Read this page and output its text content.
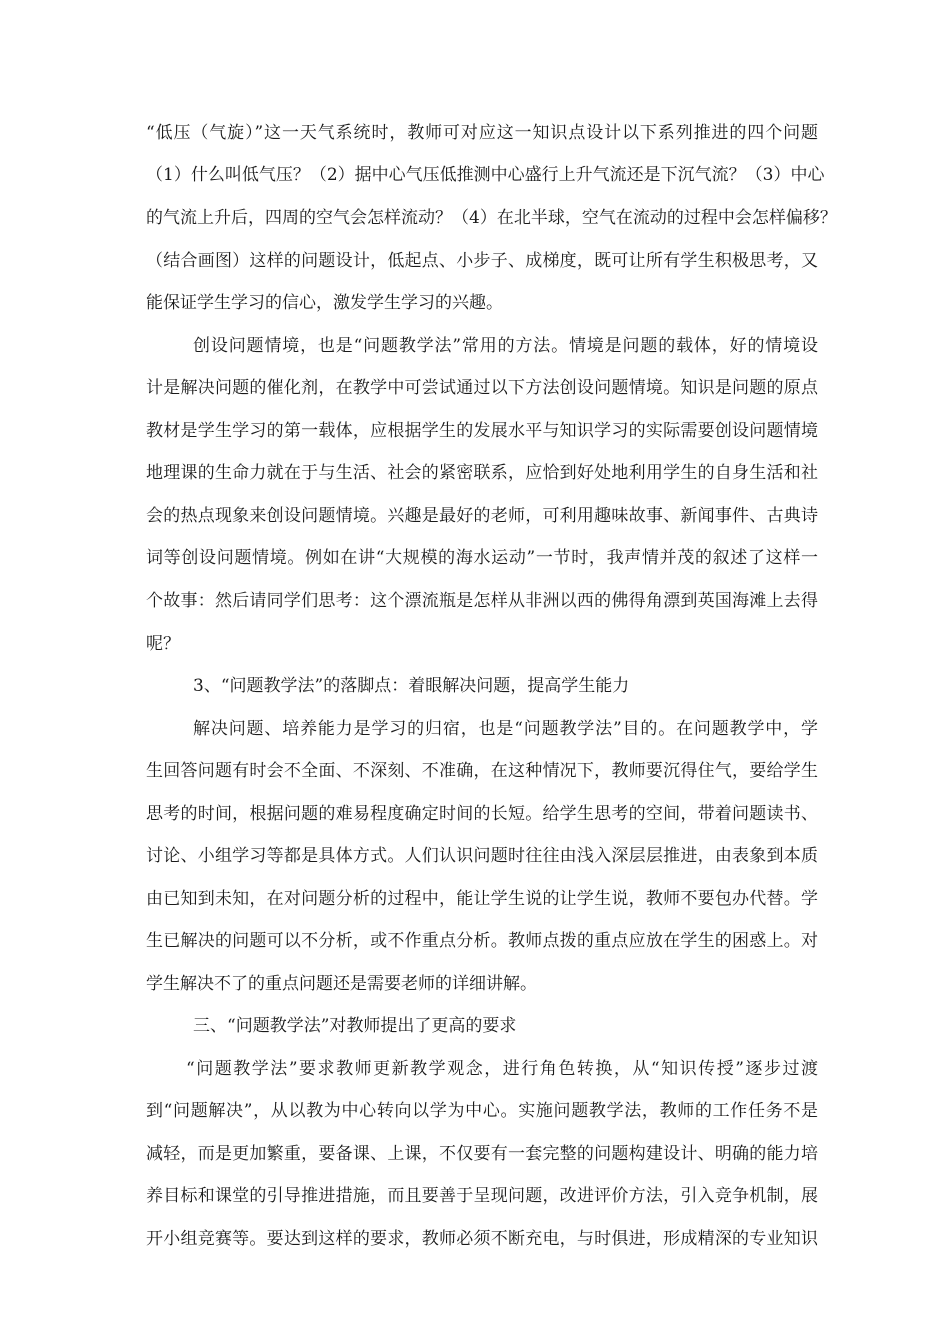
“低压（气旋）”这一天气系统时，教师可对应这一知识点设计以下系列推进的四个问题
（1）什么叫低气压？（2）据中心气压低推测中心盛行上升气流还是下沉气流？（3）中心
的气流上升后，四周的空气会怎样流动？（4）在北半球，空气在流动的过程中会怎样偏移？
（结合画图）这样的问题设计，低起点、小步子、成梯度，既可让所有学生积极思考，又
能保证学生学习的信心，激发学生学习的兴趣。
创设问题情境，也是“问题教学法”常用的方法。情境是问题的载体，好的情境设
计是解决问题的催化剂，在教学中可尝试通过以下方法创设问题情境。知识是问题的原点
教材是学生学习的第一载体，应根据学生的发展水平与知识学习的实际需要创设问题情境
地理课的生命力就在于与生活、社会的紧密联系，应恰到好处地利用学生的自身生活和社
会的热点现象来创设问题情境。兴趣是最好的老师，可利用趣味故事、新闻事件、古典诗
词等创设问题情境。例如在讲“大规模的海水运动”一节时，我声情并茂的叙述了这样一
个故事：然后请同学们思考：这个漂流瓶是怎样从非洲以西的佛得角漂到英国海滩上去得
呢？
3、“问题教学法”的落脚点：着眼解决问题，提高学生能力
解决问题、培养能力是学习的归宿，也是“问题教学法”目的。在问题教学中，学
生回答问题有时会不全面、不深刻、不准确，在这种情况下，教师要沉得住气，要给学生
思考的时间，根据问题的难易程度确定时间的长短。给学生思考的空间，带着问题读书、
讨论、小组学习等都是具体方式。人们认识问题时往往由浅入深层层推进，由表象到本质
由已知到未知，在对问题分析的过程中，能让学生说的让学生说，教师不要包办代替。学
生已解决的问题可以不分析，或不作重点分析。教师点拨的重点应放在学生的困惑上。对
学生解决不了的重点问题还是需要老师的详细讲解。
三、“问题教学法”对教师提出了更高的要求
“问题教学法”要求教师更新教学观念，进行角色转换，从“知识传授”逐步过渡
到“问题解决”，从以教为中心转向以学为中心。实施问题教学法，教师的工作任务不是
减轻，而是更加繁重，要备课、上课，不仅要有一套完整的问题构建设计、明确的能力培
养目标和课堂的引导推进措施，而且要善于呈现问题，改进评价方法，引入竞争机制，展
开小组竞赛等。要达到这样的要求，教师必须不断充电，与时俱进，形成精深的专业知识
